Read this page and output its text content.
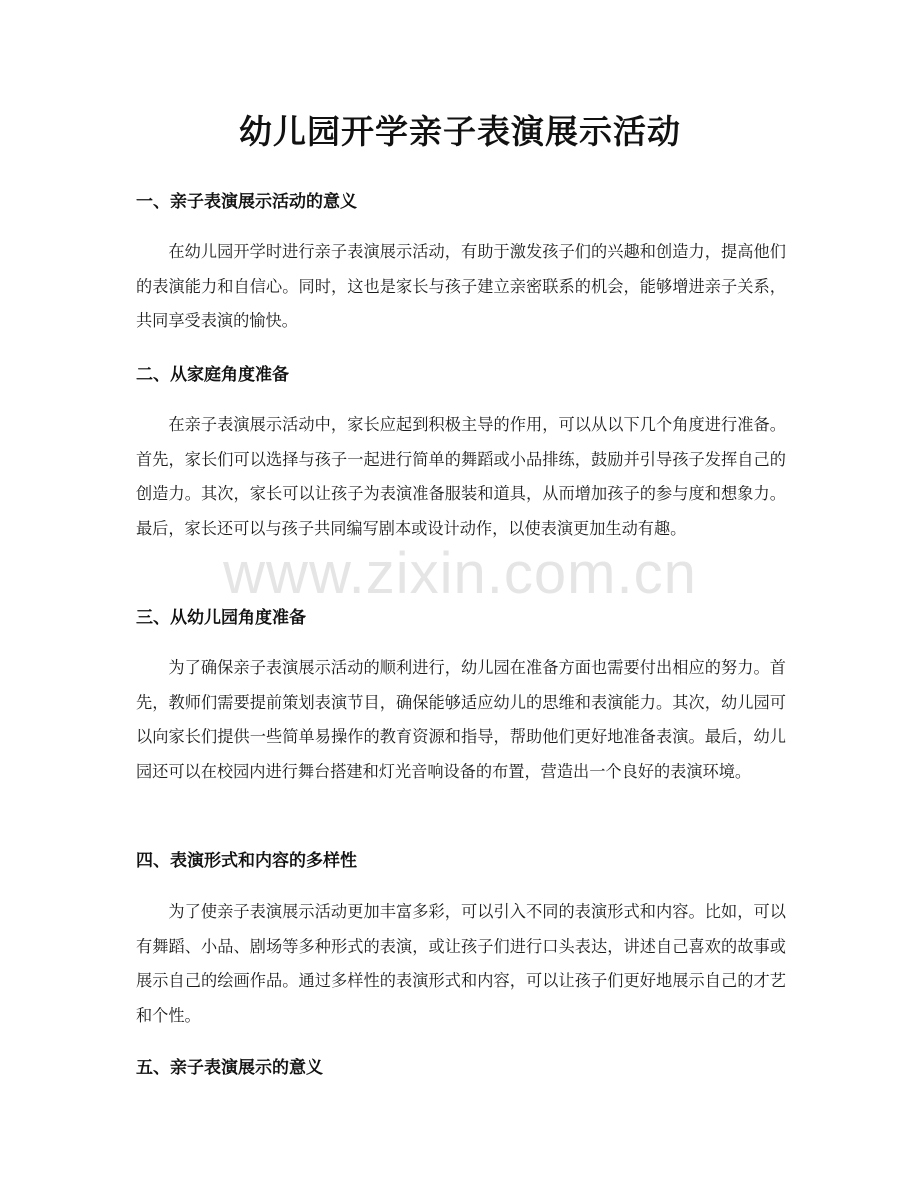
幼儿园开学亲子表演展示活动
一、亲子表演展示活动的意义

在幼儿园开学时进行亲子表演展示活动，有助于激发孩子们的兴趣和创造力，提高他们的表演能力和自信心。同时，这也是家长与孩子建立亲密联系的机会，能够增进亲子关系，共同享受表演的愉快。

二、从家庭角度准备

在亲子表演展示活动中，家长应起到积极主导的作用，可以从以下几个角度进行准备。首先，家长们可以选择与孩子一起进行简单的舞蹈或小品排练，鼓励并引导孩子发挥自己的创造力。其次，家长可以让孩子为表演准备服装和道具，从而增加孩子的参与度和想象力。最后，家长还可以与孩子共同编写剧本或设计动作，以使表演更加生动有趣。

三、从幼儿园角度准备

为了确保亲子表演展示活动的顺利进行，幼儿园在准备方面也需要付出相应的努力。首先，教师们需要提前策划表演节目，确保能够适应幼儿的思维和表演能力。其次，幼儿园可以向家长们提供一些简单易操作的教育资源和指导，帮助他们更好地准备表演。最后，幼儿园还可以在校园内进行舞台搭建和灯光音响设备的布置，营造出一个良好的表演环境。

四、表演形式和内容的多样性

为了使亲子表演展示活动更加丰富多彩，可以引入不同的表演形式和内容。比如，可以有舞蹈、小品、剧场等多种形式的表演，或让孩子们进行口头表达，讲述自己喜欢的故事或展示自己的绘画作品。通过多样性的表演形式和内容，可以让孩子们更好地展示自己的才艺和个性。

五、亲子表演展示的意义
www.zixin.com.cn
